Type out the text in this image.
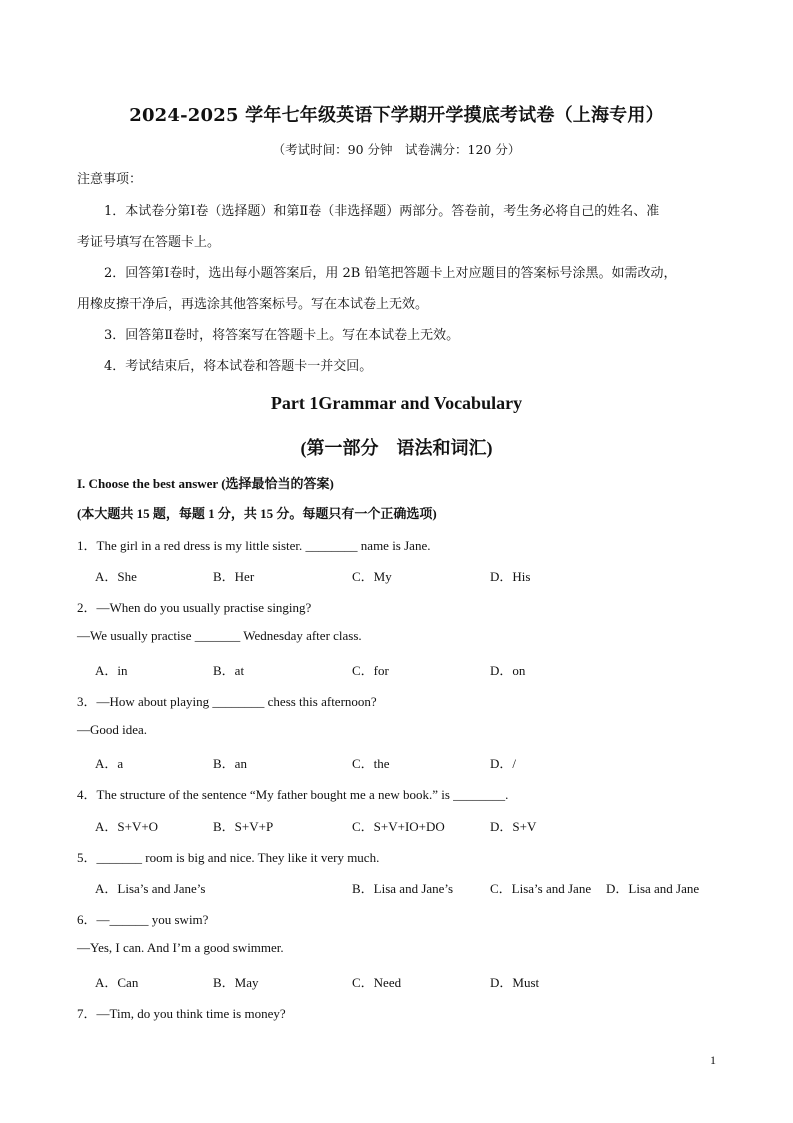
2024-2025 学年七年级英语下学期开学摸底考试卷（上海专用）
（考试时间：90 分钟　试卷满分：120 分）
注意事项：
1．本试卷分第Ⅰ卷（选择题）和第Ⅱ卷（非选择题）两部分。答卷前，考生务必将自己的姓名、准
考证号填写在答题卡上。
2．回答第Ⅰ卷时，选出每小题答案后，用 2B 铅笔把答题卡上对应题目的答案标号涂黑。如需改动，
用橡皮擦干净后，再选涂其他答案标号。写在本试卷上无效。
3．回答第Ⅱ卷时，将答案写在答题卡上。写在本试卷上无效。
4．考试结束后，将本试卷和答题卡一并交回。
Part 1Grammar and Vocabulary
(第一部分　语法和词汇)
I. Choose the best answer (选择最恰当的答案)
(本大题共 15 题，每题 1 分，共 15 分。每题只有一个正确选项)
1．The girl in a red dress is my little sister. ________ name is Jane.
A．She	B．Her	C．My	D．His
2．—When do you usually practise singing?
—We usually practise _______ Wednesday after class.
A．in	B．at	C．for	D．on
3．—How about playing ________ chess this afternoon?
—Good idea.
A．a	B．an	C．the	D．/
4．The structure of the sentence “My father bought me a new book.” is ________.
A．S+V+O	B．S+V+P	C．S+V+IO+DO	D．S+V
5．_______ room is big and nice. They like it very much.
A．Lisa’s and Jane’s	B．Lisa and Jane’s	C．Lisa’s and Jane D．Lisa and Jane
6．—______ you swim?
—Yes, I can. And I’m a good swimmer.
A．Can	B．May	C．Need	D．Must
7．—Tim, do you think time is money?
1
